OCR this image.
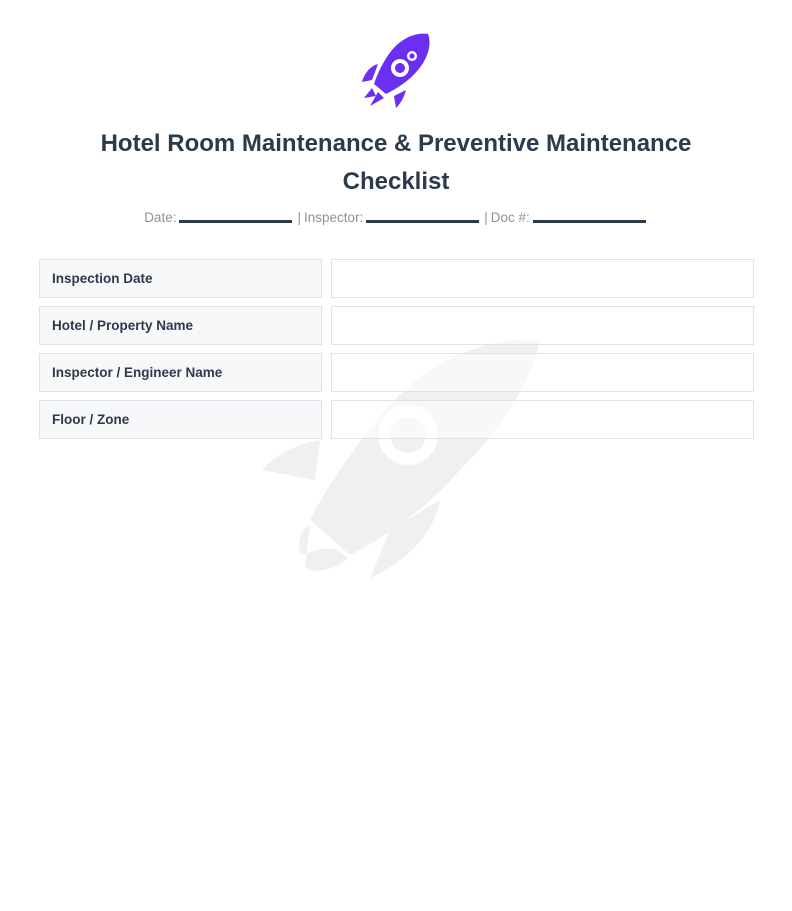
Hotel Room Maintenance & Preventive Maintenance Checklist
Date:	| Inspector:	| Doc #:
Inspection Date
Hotel / Property Name
Inspector / Engineer Name
Floor / Zone
